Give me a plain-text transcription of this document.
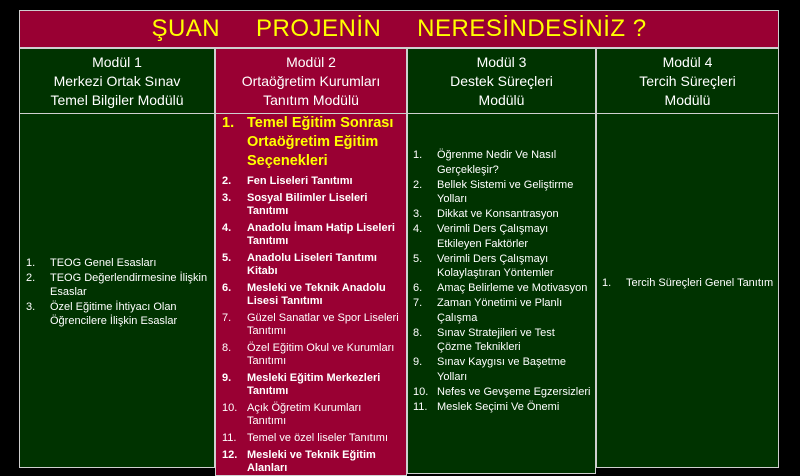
ŞUAN     PROJENİN     NERESİNDESİNİZ ?
Modül 1
Merkezi Ortak Sınav
Temel Bilgiler Modülü
1. TEOG Genel Esasları
2. TEOG Değerlendirmesine İlişkin Esaslar
3. Özel Eğitime İhtiyacı Olan Öğrencilere İlişkin Esaslar
Modül 2
Ortaöğretim Kurumları
Tanıtım Modülü
1. Temel Eğitim Sonrası Ortaöğretim Eğitim Seçenekleri
2. Fen Liseleri Tanıtımı
3. Sosyal Bilimler Liseleri Tanıtımı
4. Anadolu İmam Hatip Liseleri Tanıtımı
5. Anadolu Liseleri Tanıtımı Kitabı
6. Mesleki ve Teknik Anadolu Lisesi Tanıtımı
7. Güzel Sanatlar ve Spor Liseleri Tanıtımı
8. Özel Eğitim Okul ve Kurumları Tanıtımı
9. Mesleki Eğitim Merkezleri Tanıtımı
10. Açık Öğretim Kurumları Tanıtımı
11. Temel ve özel liseler Tanıtımı
12. Mesleki ve Teknik Eğitim Alanları
Modül 3
Destek Süreçleri
Modülü
1. Öğrenme Nedir Ve Nasıl Gerçekleşir?
2. Bellek Sistemi ve Geliştirme Yolları
3. Dikkat ve Konsantrasyon
4. Verimli Ders Çalışmayı Etkileyen Faktörler
5. Verimli Ders Çalışmayı Kolaylaştıran Yöntemler
6. Amaç Belirleme ve Motivasyon
7. Zaman Yönetimi ve Planlı Çalışma
8. Sınav Stratejileri ve Test Çözme Teknikleri
9. Sınav Kaygısı ve Başetme Yolları
10. Nefes ve Gevşeme Egzersizleri
11. Meslek Seçimi Ve Önemi
Modül 4
Tercih Süreçleri
Modülü
1. Tercih Süreçleri Genel Tanıtım
